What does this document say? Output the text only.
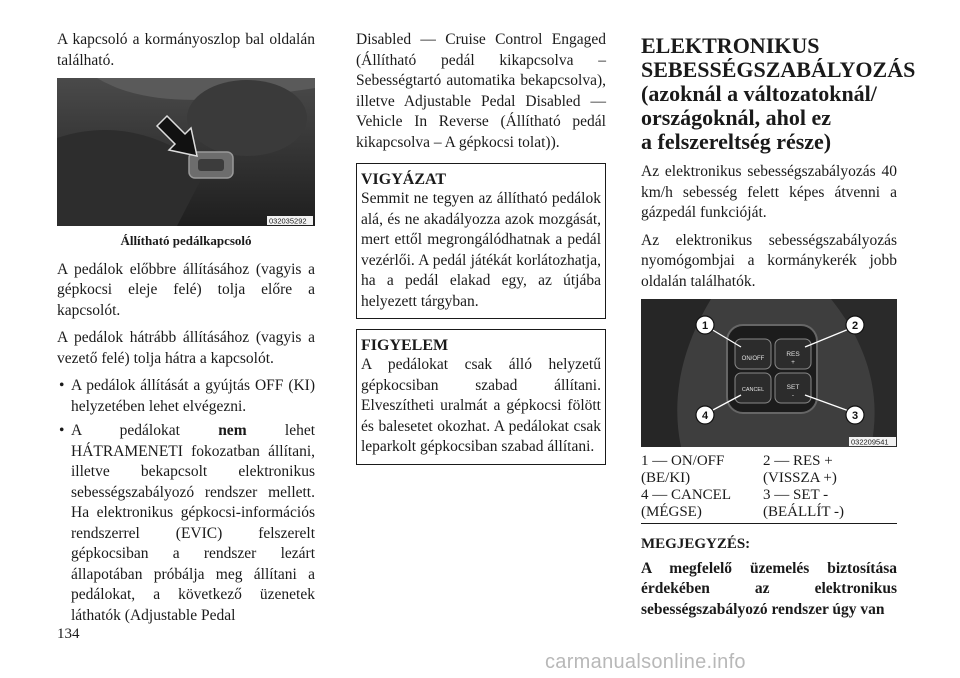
A kapcsoló a kormányoszlop bal oldalán található.

032035292
Állítható pedálkapcsoló

A pedálok előbbre állításához (vagyis a gépkocsi eleje felé) tolja előre a kapcsolót.

A pedálok hátrább állításához (vagyis a vezető felé) tolja hátra a kapcsolót.

• A pedálok állítását a gyújtás OFF (KI) helyzetében lehet elvégezni.
• A pedálokat nem lehet HÁTRAMENETI fokozatban állítani, illetve bekapcsolt elektronikus sebességszabályozó rendszer mellett. Ha elektronikus gépkocsi-információs rendszerrel (EVIC) felszerelt gépkocsiban a rendszer lezárt állapotában próbálja meg állítani a pedálokat, a következő üzenetek láthatók (Adjustable Pedal

Disabled — Cruise Control Engaged (Állítható pedál kikapcsolva – Sebességtartó automatika bekapcsolva), illetve Adjustable Pedal Disabled — Vehicle In Reverse (Állítható pedál kikapcsolva – A gépkocsi tolat)).

VIGYÁZAT
Semmit ne tegyen az állítható pedálok alá, és ne akadályozza azok mozgását, mert ettől megrongálódhatnak a pedál vezérlői. A pedál játékát korlátozhatja, ha a pedál elakad egy, az útjába helyezett tárgyban.
FIGYELEM
A pedálokat csak álló helyzetű gépkocsiban szabad állítani. Elveszítheti uralmát a gépkocsi fölött és balesetet okozhat. A pedálokat csak leparkolt gépkocsiban szabad állítani.
ELEKTRONIKUS
SEBESSÉGSZABÁLYOZÁS
(azoknál a változatoknál/
országoknál, ahol ez
a felszereltség része)

Az elektronikus sebességszabályozás 40 km/h sebesség felett képes átvenni a gázpedál funkcióját.

Az elektronikus sebességszabályozás nyomógombjai a kormánykerék jobb oldalán találhatók.

ON/OFF
RES
+
CANCEL	SET
-
1	2
4	3
032209541
1 — ON/OFF	2 — RES +
(BE/KI)	(VISSZA +)
4 — CANCEL	3 — SET -
(MÉGSE)	(BEÁLLÍT -)
MEGJEGYZÉS:
A megfelelő üzemelés biztosítása érdekében az elektronikus sebességszabályozó rendszer úgy van
134
carmanualsonline.info
